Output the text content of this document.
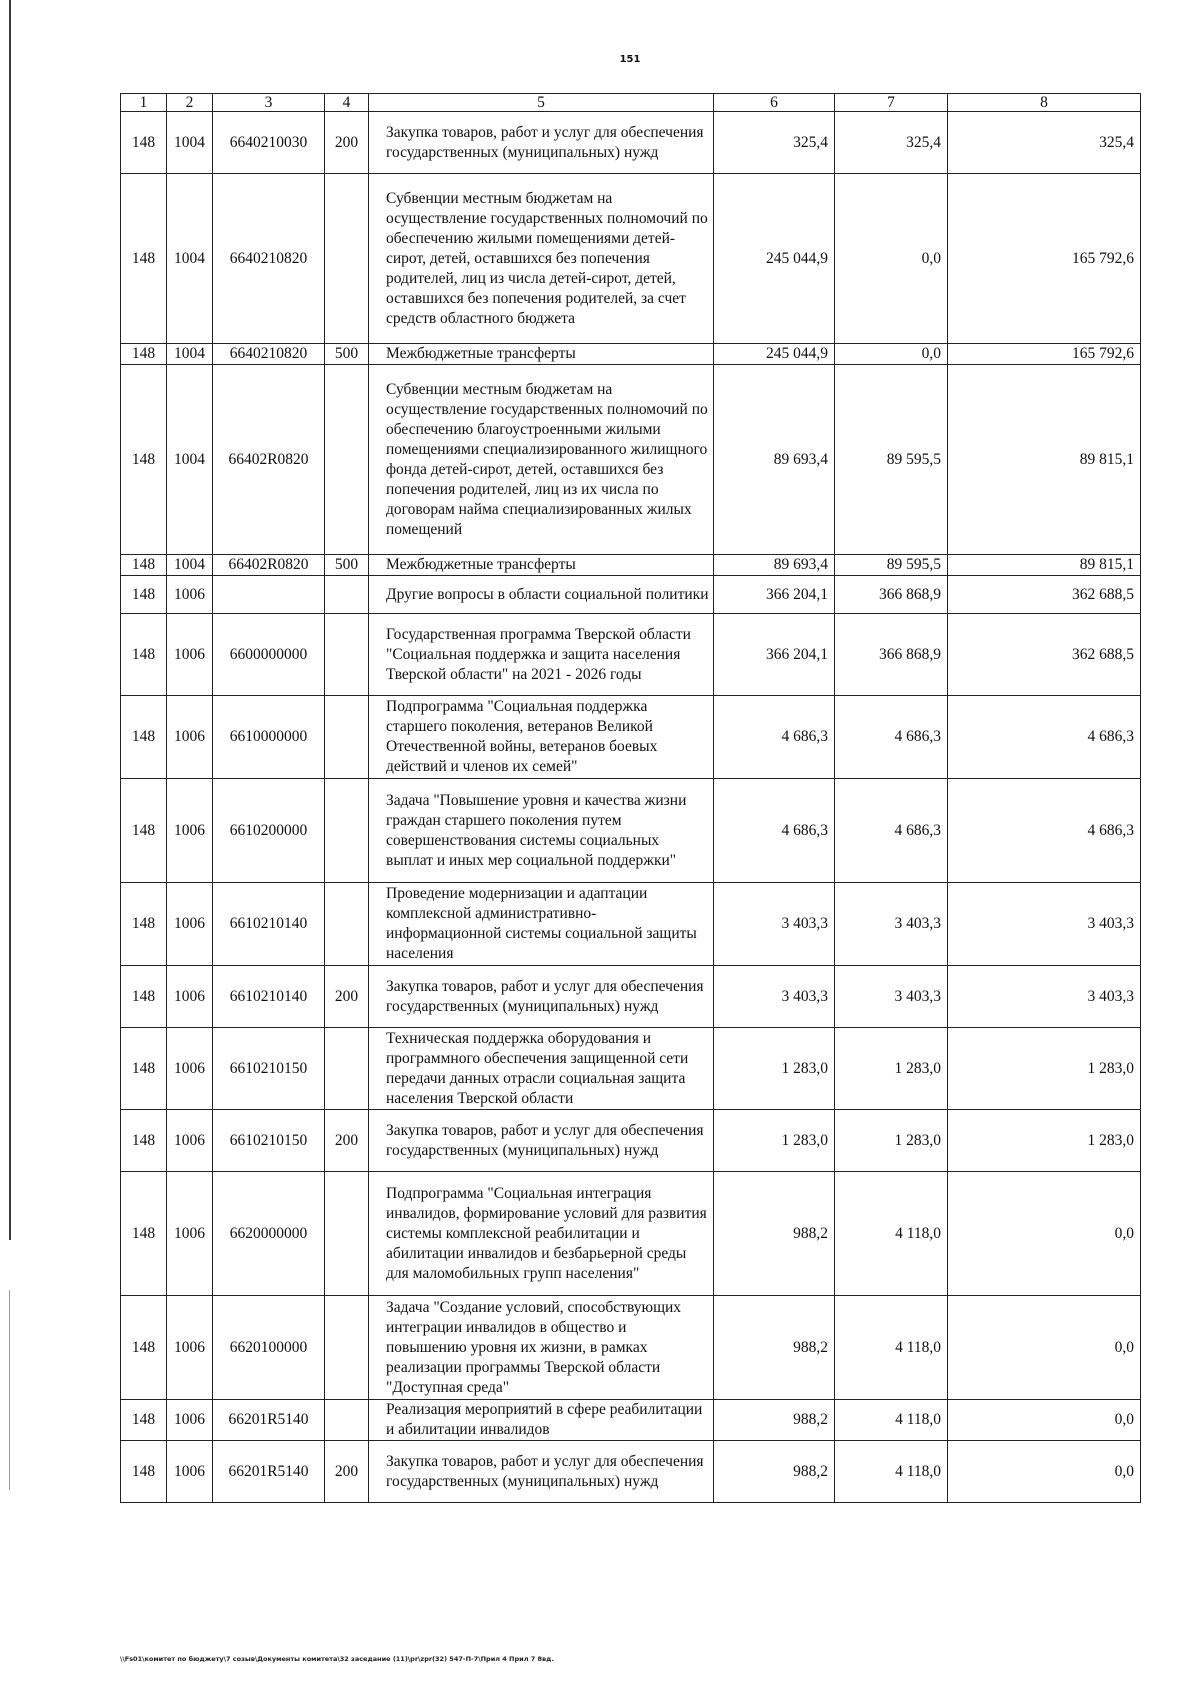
151
1	2	3	4	5	6	7	8
148	1004	6640210030	200	Закупка товаров, работ и услуг для обеспечения государственных (муниципальных) нужд	325,4	325,4	325,4
148	1004	6640210820		Субвенции местным бюджетам на осуществление государственных полномочий по обеспечению жилыми помещениями детей-сирот, детей, оставшихся без попечения родителей, лиц из числа детей-сирот, детей, оставшихся без попечения родителей, за счет средств областного бюджета	245 044,9	0,0	165 792,6
148	1004	6640210820	500	Межбюджетные трансферты	245 044,9	0,0	165 792,6
148	1004	66402R0820		Субвенции местным бюджетам на осуществление государственных полномочий по обеспечению благоустроенными жилыми помещениями специализированного жилищного фонда детей-сирот, детей, оставшихся без попечения родителей, лиц из их числа по договорам найма специализированных жилых помещений	89 693,4	89 595,5	89 815,1
148	1004	66402R0820	500	Межбюджетные трансферты	89 693,4	89 595,5	89 815,1
148	1006			Другие вопросы в области социальной политики	366 204,1	366 868,9	362 688,5
148	1006	6600000000		Государственная программа Тверской области "Социальная поддержка и защита населения Тверской области" на 2021 - 2026 годы	366 204,1	366 868,9	362 688,5
148	1006	6610000000		Подпрограмма "Социальная поддержка старшего поколения, ветеранов Великой Отечественной войны, ветеранов боевых действий и членов их семей"	4 686,3	4 686,3	4 686,3
148	1006	6610200000		Задача "Повышение уровня и качества жизни граждан старшего поколения путем совершенствования системы социальных выплат и иных мер социальной поддержки"	4 686,3	4 686,3	4 686,3
148	1006	6610210140		Проведение модернизации и адаптации комплексной административно-информационной системы социальной защиты населения	3 403,3	3 403,3	3 403,3
148	1006	6610210140	200	Закупка товаров, работ и услуг для обеспечения государственных (муниципальных) нужд	3 403,3	3 403,3	3 403,3
148	1006	6610210150		Техническая поддержка оборудования и программного обеспечения защищенной сети передачи данных отрасли социальная защита населения Тверской области	1 283,0	1 283,0	1 283,0
148	1006	6610210150	200	Закупка товаров, работ и услуг для обеспечения государственных (муниципальных) нужд	1 283,0	1 283,0	1 283,0
148	1006	6620000000		Подпрограмма "Социальная интеграция инвалидов, формирование условий для развития системы комплексной реабилитации и абилитации инвалидов и безбарьерной среды для маломобильных групп населения"	988,2	4 118,0	0,0
148	1006	6620100000		Задача "Создание условий, способствующих интеграции инвалидов в общество и повышению уровня их жизни, в рамках реализации программы Тверской области "Доступная среда"	988,2	4 118,0	0,0
148	1006	66201R5140		Реализация мероприятий в сфере реабилитации и абилитации инвалидов	988,2	4 118,0	0,0
148	1006	66201R5140	200	Закупка товаров, работ и услуг для обеспечения государственных (муниципальных) нужд	988,2	4 118,0	0,0
\\Fs01\комитет по бюджету\7 созыв\Документы комитета\32 заседание (11)\pr\zpr(32) 547-П-7\Прил 4 Прил 7 8вд.
